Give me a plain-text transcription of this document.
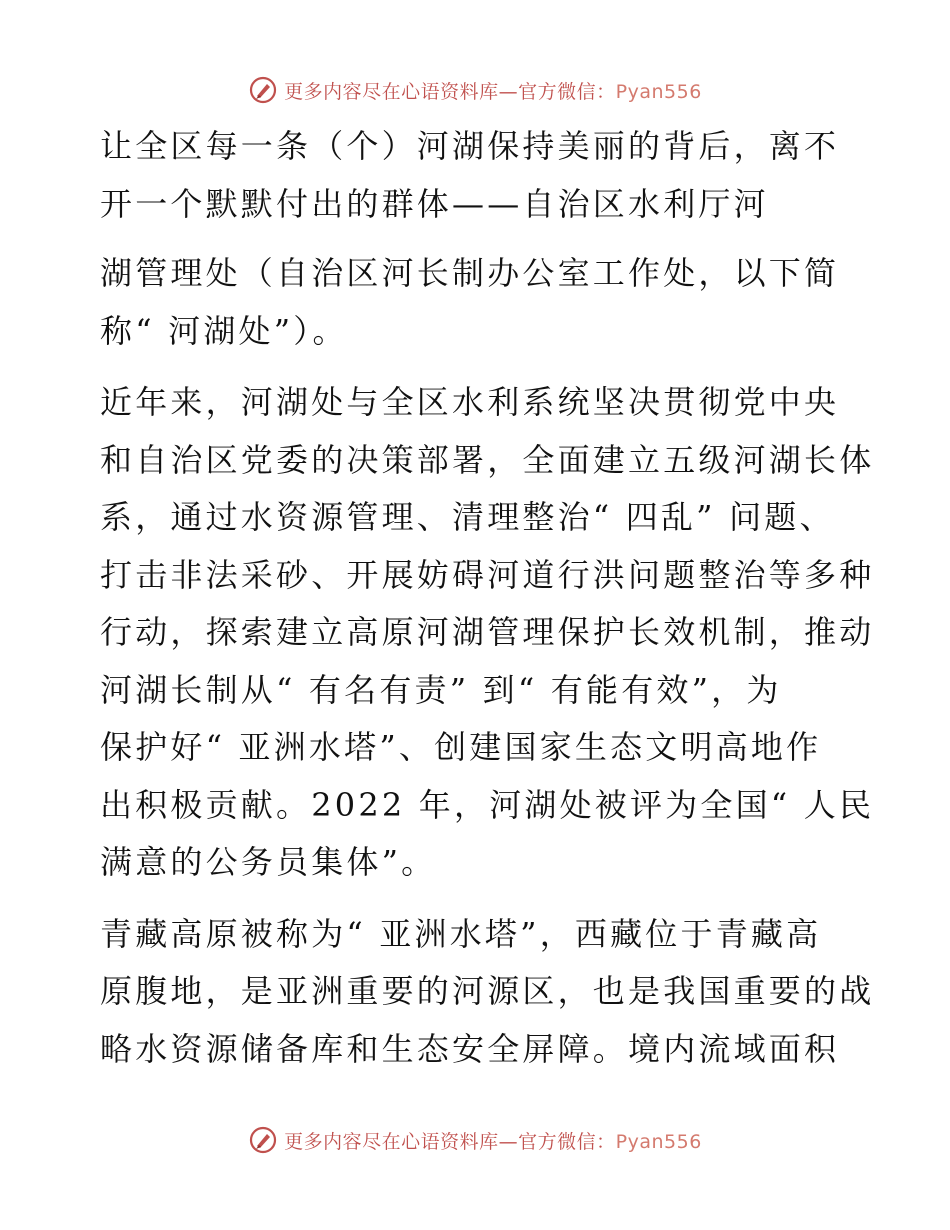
更多内容尽在心语资料库—官方微信：Pyan556

让全区每一条（个）河湖保持美丽的背后，离不
开一个默默付出的群体——自治区水利厅河

湖管理处（自治区河长制办公室工作处，以下简
称“ 河湖处”）。

近年来，河湖处与全区水利系统坚决贯彻党中央
和自治区党委的决策部署，全面建立五级河湖长体
系，通过水资源管理、清理整治“ 四乱” 问题、
打击非法采砂、开展妨碍河道行洪问题整治等多种
行动，探索建立高原河湖管理保护长效机制，推动
河湖长制从“ 有名有责” 到“ 有能有效”，为
保护好“ 亚洲水塔”、创建国家生态文明高地作
出积极贡献。2022 年，河湖处被评为全国“ 人民
满意的公务员集体”。

青藏高原被称为“ 亚洲水塔”，西藏位于青藏高
原腹地，是亚洲重要的河源区，也是我国重要的战
略水资源储备库和生态安全屏障。境内流域面积

更多内容尽在心语资料库—官方微信：Pyan556
